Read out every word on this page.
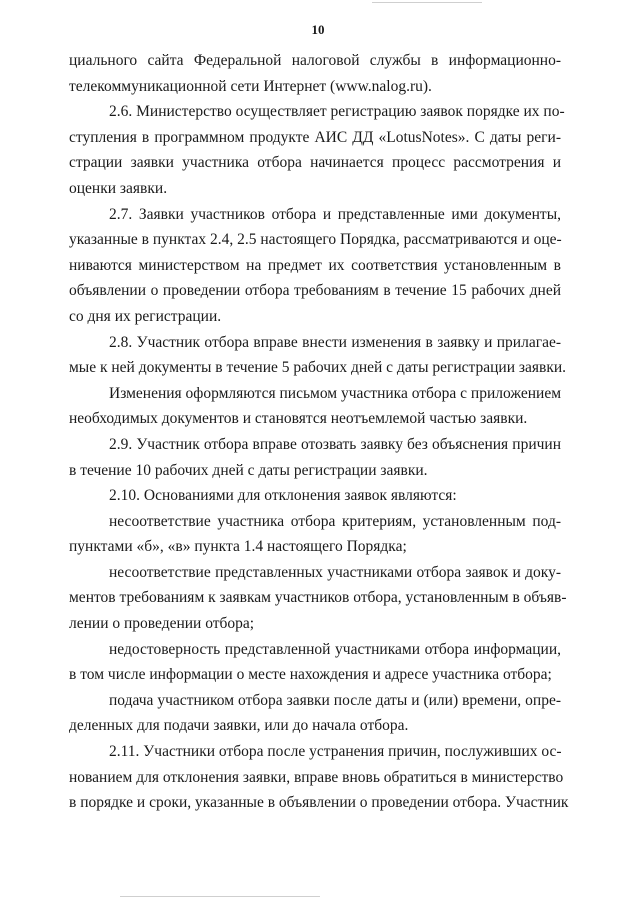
10
циального сайта Федеральной налоговой службы в информационно-
телекоммуникационной сети Интернет (www.nalog.ru).
2.6. Министерство осуществляет регистрацию заявок порядке их по-
ступления в программном продукте АИС ДД «LotusNotes». С даты реги-
страции заявки участника отбора начинается процесс рассмотрения и
оценки заявки.
2.7. Заявки участников отбора и представленные ими документы,
указанные в пунктах 2.4, 2.5 настоящего Порядка, рассматриваются и оце-
ниваются министерством на предмет их соответствия установленным в
объявлении о проведении отбора требованиям в течение 15 рабочих дней
со дня их регистрации.
2.8. Участник отбора вправе внести изменения в заявку и прилагае-
мые к ней документы в течение 5 рабочих дней с даты регистрации заявки.
Изменения оформляются письмом участника отбора с приложением
необходимых документов и становятся неотъемлемой частью заявки.
2.9. Участник отбора вправе отозвать заявку без объяснения причин
в течение 10 рабочих дней с даты регистрации заявки.
2.10. Основаниями для отклонения заявок являются:
несоответствие участника отбора критериям, установленным под-
пунктами «б», «в» пункта 1.4 настоящего Порядка;
несоответствие представленных участниками отбора заявок и доку-
ментов требованиям к заявкам участников отбора, установленным в объяв-
лении о проведении отбора;
недостоверность представленной участниками отбора информации,
в том числе информации о месте нахождения и адресе участника отбора;
подача участником отбора заявки после даты и (или) времени, опре-
деленных для подачи заявки, или до начала отбора.
2.11. Участники отбора после устранения причин, послуживших ос-
нованием для отклонения заявки, вправе вновь обратиться в министерство
в порядке и сроки, указанные в объявлении о проведении отбора. Участник
